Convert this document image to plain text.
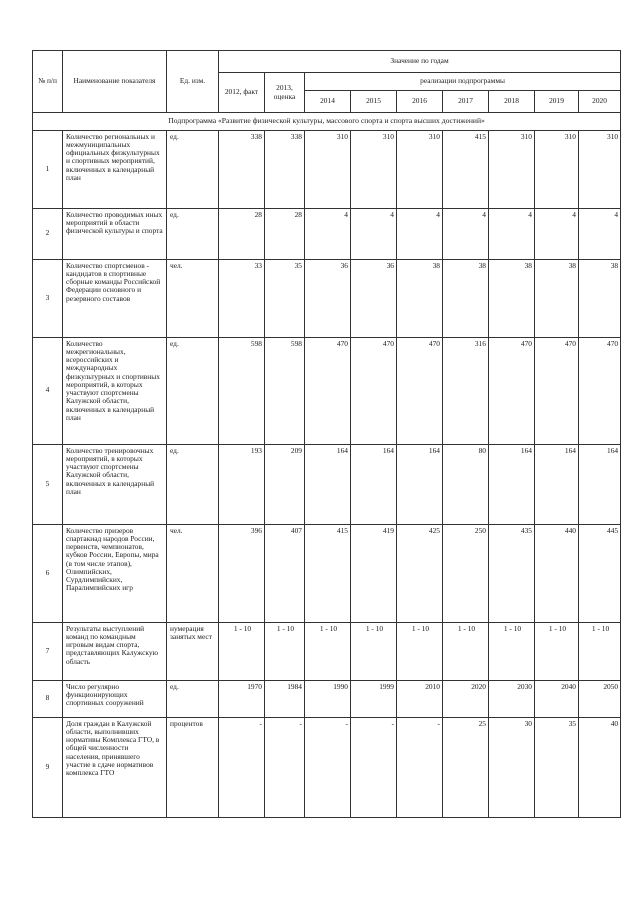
№ п/п	Наименование показателя	Ед. изм.	Значение по годам								
			2012, факт	2013, оценка	реализации подпрограммы						
					2014	2015	2016	2017	2018	2019	2020
Подпрограмма «Развитие физической культуры, массового спорта и спорта высших достижений»											
1	Количество региональных и межмуниципальных официальных физкультурных и спортивных мероприятий, включенных в календарный план	ед.	338	338	310	310	310	415	310	310	310
2	Количество проводимых иных мероприятий в области физической культуры и спорта	ед.	28	28	4	4	4	4	4	4	4
3	Количество спортсменов - кандидатов в спортивные сборные команды Российской Федерации основного и резервного составов	чел.	33	35	36	36	38	38	38	38	38
4	Количество межрегиональных, всероссийских и международных физкультурных и спортивных мероприятий, в которых участвуют спортсмены Калужской области, включенных в календарный план	ед.	598	598	470	470	470	316	470	470	470
5	Количество тренировочных мероприятий, в которых участвуют спортсмены Калужской области, включенных в календарный план	ед.	193	209	164	164	164	80	164	164	164
6	Количество призеров спартакиад народов России, первенств, чемпионатов, кубков России, Европы, мира (в том числе этапов), Олимпийских, Сурдлимпийских, Паралимпийских игр	чел.	396	407	415	419	425	250	435	440	445
7	Результаты выступлений команд по командным игровым видам спорта, представляющих Калужскую область	нумерация занятых мест	1 - 10	1 - 10	1 - 10	1 - 10	1 - 10	1 - 10	1 - 10	1 - 10	1 - 10
8	Число регулярно функционирующих спортивных сооружений	ед.	1970	1984	1990	1999	2010	2020	2030	2040	2050
9	Доля граждан в Калужской области, выполнивших нормативы Комплекса ГТО, в общей численности населения, принявшего участие в сдаче нормативов комплекса ГТО	процентов	-	-	-	-	-	25	30	35	40
